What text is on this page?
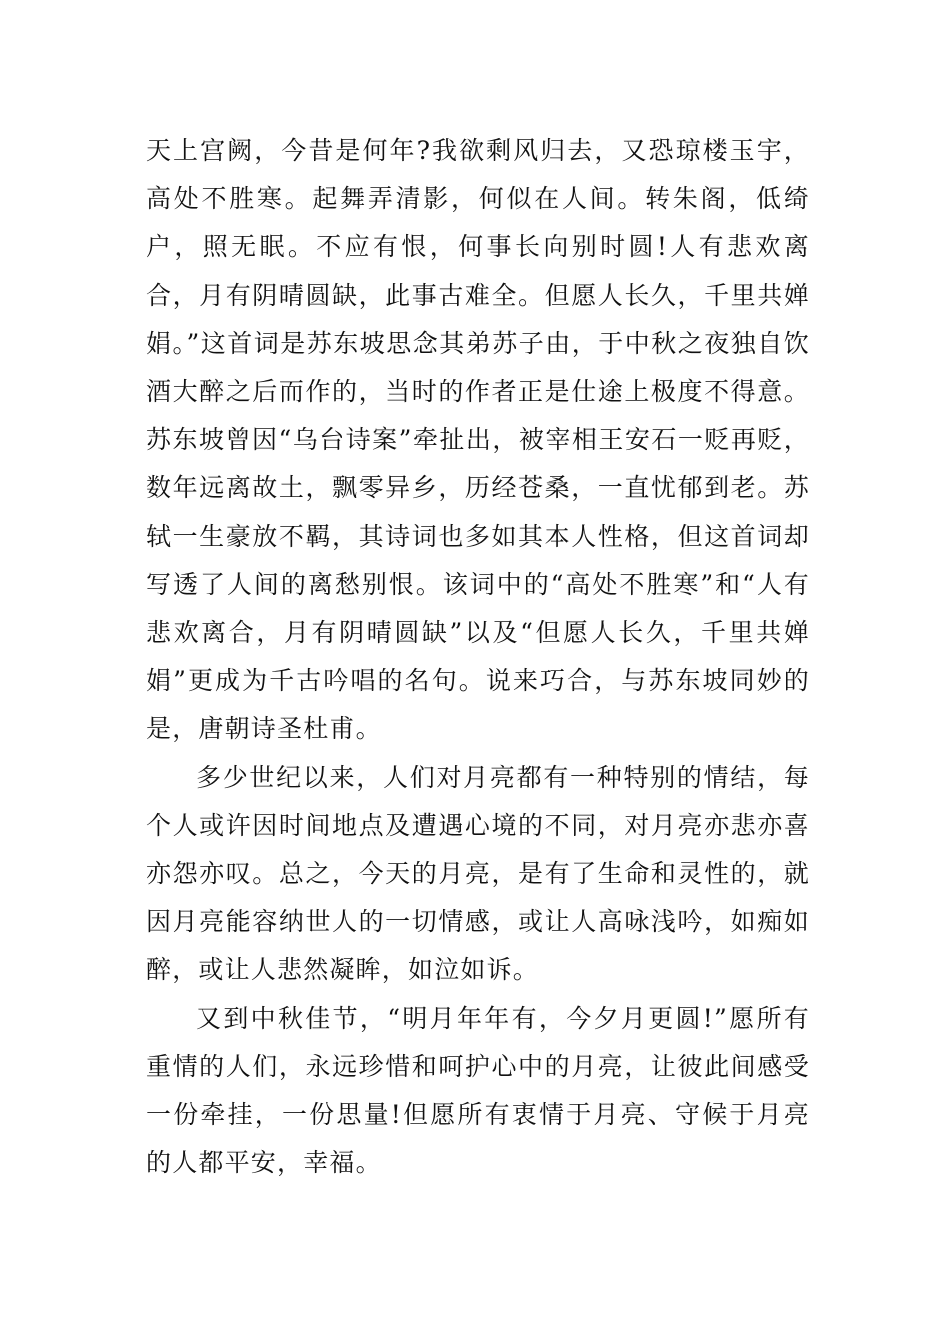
天上宫阙，今昔是何年?我欲剩风归去，又恐琼楼玉宇，高处不胜寒。起舞弄清影，何似在人间。转朱阁，低绮户，照无眠。不应有恨，何事长向别时圆!人有悲欢离合，月有阴晴圆缺，此事古难全。但愿人长久，千里共婵娟。”这首词是苏东坡思念其弟苏子由，于中秋之夜独自饮酒大醉之后而作的，当时的作者正是仕途上极度不得意。苏东坡曾因“乌台诗案”牵扯出，被宰相王安石一贬再贬，数年远离故土，飘零异乡，历经苍桑，一直忧郁到老。苏轼一生豪放不羁，其诗词也多如其本人性格，但这首词却写透了人间的离愁别恨。该词中的“高处不胜寒”和“人有悲欢离合，月有阴晴圆缺”以及“但愿人长久，千里共婵娟”更成为千古吟唱的名句。说来巧合，与苏东坡同妙的是，唐朝诗圣杜甫。

多少世纪以来，人们对月亮都有一种特别的情结，每个人或许因时间地点及遭遇心境的不同，对月亮亦悲亦喜亦怨亦叹。总之，今天的月亮，是有了生命和灵性的，就因月亮能容纳世人的一切情感，或让人高咏浅吟，如痴如醉，或让人悲然凝眸，如泣如诉。

又到中秋佳节，“明月年年有，今夕月更圆!”愿所有重情的人们，永远珍惜和呵护心中的月亮，让彼此间感受一份牵挂，一份思量!但愿所有衷情于月亮、守候于月亮的人都平安，幸福。
